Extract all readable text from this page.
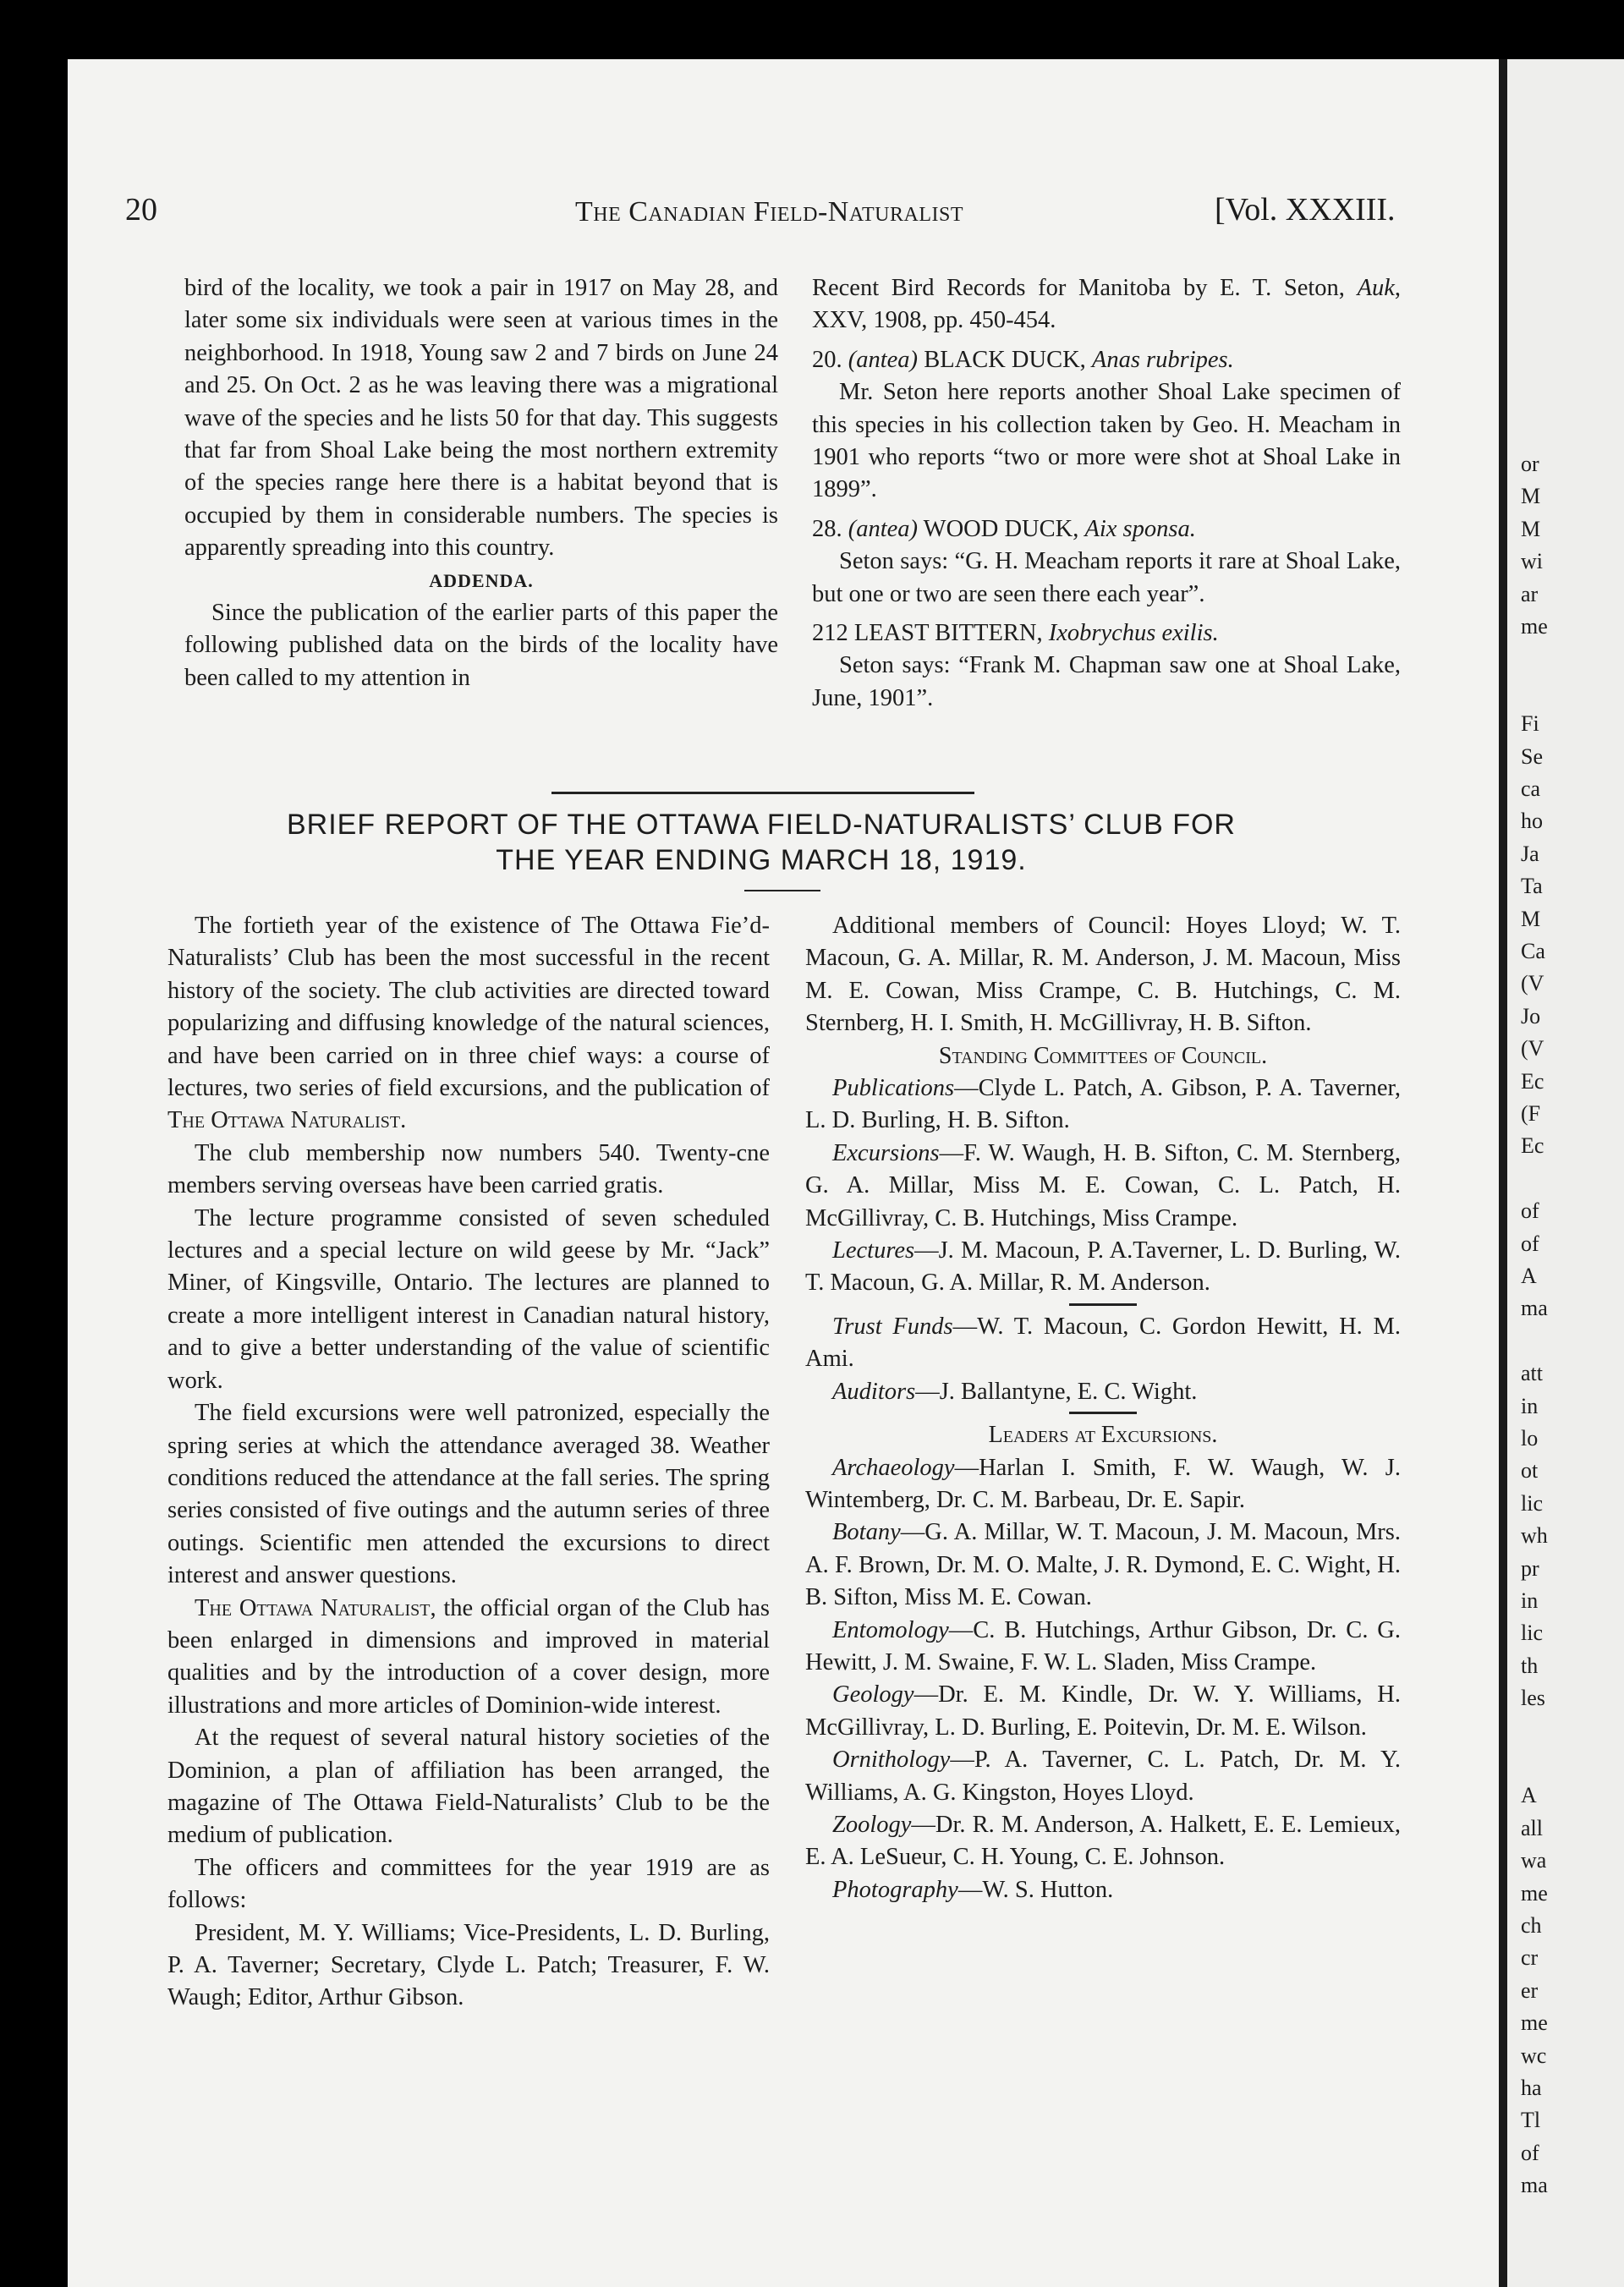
or
M
M
wi
ar
me
Fi
Se
ca
ho
Ja
Ta
M
Ca
(V
Jo
(V
Ec
(F
Ec
of
of
A
ma
att
in
lo
ot
lic
wh
pr
in
lic
th
les
A
all
wa
me
ch
cr
er
me
wc
ha
Tl
of
ma
20	The Canadian Field-Naturalist	[Vol. XXXIII.

bird of the locality, we took a pair in 1917 on May 28, and later some six individuals were seen at various times in the neighborhood. In 1918, Young saw 2 and 7 birds on June 24 and 25. On Oct. 2 as he was leaving there was a migrational wave of the species and he lists 50 for that day. This suggests that far from Shoal Lake being the most northern extremity of the species range here there is a habitat beyond that is occupied by them in considerable numbers. The species is apparently spreading into this country.

ADDENDA.

Since the publication of the earlier parts of this paper the following published data on the birds of the locality have been called to my attention in

Recent Bird Records for Manitoba by E. T. Seton, Auk, XXV, 1908, pp. 450-454.

20. (antea) BLACK DUCK, Anas rubripes.

Mr. Seton here reports another Shoal Lake specimen of this species in his collection taken by Geo. H. Meacham in 1901 who reports “two or more were shot at Shoal Lake in 1899”.

28. (antea) WOOD DUCK, Aix sponsa.

Seton says: “G. H. Meacham reports it rare at Shoal Lake, but one or two are seen there each year”.

212 LEAST BITTERN, Ixobrychus exilis.

Seton says: “Frank M. Chapman saw one at Shoal Lake, June, 1901”.

BRIEF REPORT OF THE OTTAWA FIELD-NATURALISTS’ CLUB FOR
THE YEAR ENDING MARCH 18, 1919.

The fortieth year of the existence of The Ottawa Fieʼd-Naturalists’ Club has been the most successful in the recent history of the society. The club activities are directed toward popularizing and diffusing knowledge of the natural sciences, and have been carried on in three chief ways: a course of lectures, two series of field excursions, and the publication of The Ottawa Naturalist.

The club membership now numbers 540. Twenty-cne members serving overseas have been carried gratis.

The lecture programme consisted of seven scheduled lectures and a special lecture on wild geese by Mr. “Jack” Miner, of Kingsville, Ontario. The lectures are planned to create a more intelligent interest in Canadian natural history, and to give a better understanding of the value of scientific work.

The field excursions were well patronized, especially the spring series at which the attendance averaged 38. Weather conditions reduced the attendance at the fall series. The spring series consisted of five outings and the autumn series of three outings. Scientific men attended the excursions to direct interest and answer questions.

The Ottawa Naturalist, the official organ of the Club has been enlarged in dimensions and improved in material qualities and by the introduction of a cover design, more illustrations and more articles of Dominion-wide interest.

At the request of several natural history societies of the Dominion, a plan of affiliation has been arranged, the magazine of The Ottawa Field-Naturalists’ Club to be the medium of publication.

The officers and committees for the year 1919 are as follows:

President, M. Y. Williams; Vice-Presidents, L. D. Burling, P. A. Taverner; Secretary, Clyde L. Patch; Treasurer, F. W. Waugh; Editor, Arthur Gibson.

Additional members of Council: Hoyes Lloyd; W. T. Macoun, G. A. Millar, R. M. Anderson, J. M. Macoun, Miss M. E. Cowan, Miss Crampe, C. B. Hutchings, C. M. Sternberg, H. I. Smith, H. McGillivray, H. B. Sifton.

Standing Committees of Council.

Publications—Clyde L. Patch, A. Gibson, P. A. Taverner, L. D. Burling, H. B. Sifton.

Excursions—F. W. Waugh, H. B. Sifton, C. M. Sternberg, G. A. Millar, Miss M. E. Cowan, C. L. Patch, H. McGillivray, C. B. Hutchings, Miss Crampe.

Lectures—J. M. Macoun, P. A.Taverner, L. D. Burling, W. T. Macoun, G. A. Millar, R. M. Anderson.

Trust Funds—W. T. Macoun, C. Gordon Hewitt, H. M. Ami.

Auditors—J. Ballantyne, E. C. Wight.

Leaders at Excursions.

Archaeology—Harlan I. Smith, F. W. Waugh, W. J. Wintemberg, Dr. C. M. Barbeau, Dr. E. Sapir.

Botany—G. A. Millar, W. T. Macoun, J. M. Macoun, Mrs. A. F. Brown, Dr. M. O. Malte, J. R. Dymond, E. C. Wight, H. B. Sifton, Miss M. E. Cowan.

Entomology—C. B. Hutchings, Arthur Gibson, Dr. C. G. Hewitt, J. M. Swaine, F. W. L. Sladen, Miss Crampe.

Geology—Dr. E. M. Kindle, Dr. W. Y. Williams, H. McGillivray, L. D. Burling, E. Poitevin, Dr. M. E. Wilson.

Ornithology—P. A. Taverner, C. L. Patch, Dr. M. Y. Williams, A. G. Kingston, Hoyes Lloyd.

Zoology—Dr. R. M. Anderson, A. Halkett, E. E. Lemieux, E. A. LeSueur, C. H. Young, C. E. Johnson.

Photography—W. S. Hutton.
